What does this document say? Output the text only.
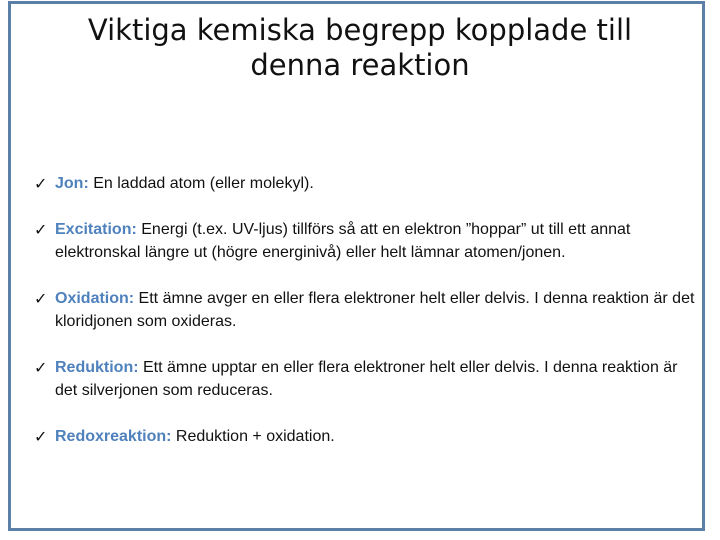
Viktiga kemiska begrepp kopplade till denna reaktion
✓ Jon: En laddad atom (eller molekyl).
✓ Excitation: Energi (t.ex. UV-ljus) tillförs så att en elektron ”hoppar” ut till ett annat elektronskal längre ut (högre energinivå) eller helt lämnar atomen/jonen.
✓ Oxidation: Ett ämne avger en eller flera elektroner helt eller delvis. I denna reaktion är det kloridjonen som oxideras.
✓ Reduktion: Ett ämne upptar en eller flera elektroner helt eller delvis. I denna reaktion är det silverjonen som reduceras.
✓ Redoxreaktion: Reduktion + oxidation.
